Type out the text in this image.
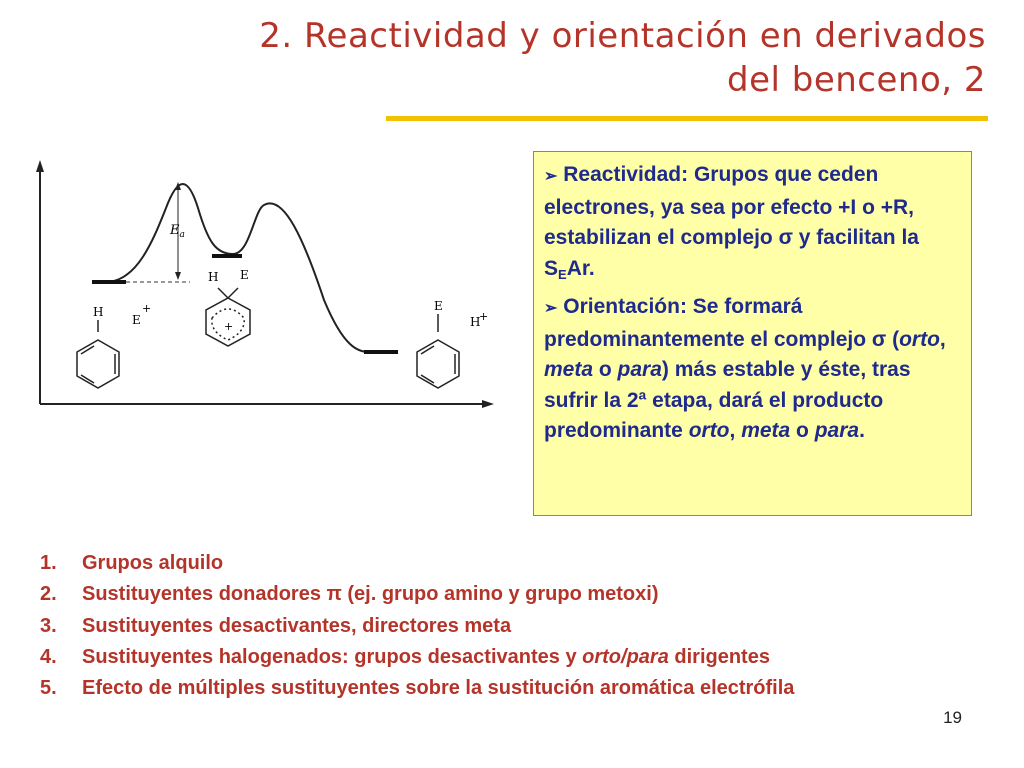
2. Reactividad y orientación en derivados
del benceno, 2
$E_a$
H
E
+
H E
+
E
H
+

➢ Reactividad: Grupos que ceden electrones, ya sea por efecto +I o +R, estabilizan el complejo σ y facilitan la $S_EAr$.

➢ Orientación: Se formará predominantemente el complejo σ (orto, meta o para) más estable y éste, tras sufrir la 2ª etapa, dará el producto predominante orto, meta o para.

1. Grupos alquilo
2. Sustituyentes donadores π (ej. grupo amino y grupo metoxi)
3. Sustituyentes desactivantes, directores meta
4. Sustituyentes halogenados: grupos desactivantes y orto/para dirigentes
5. Efecto de múltiples sustituyentes sobre la sustitución aromática electrófila
19
